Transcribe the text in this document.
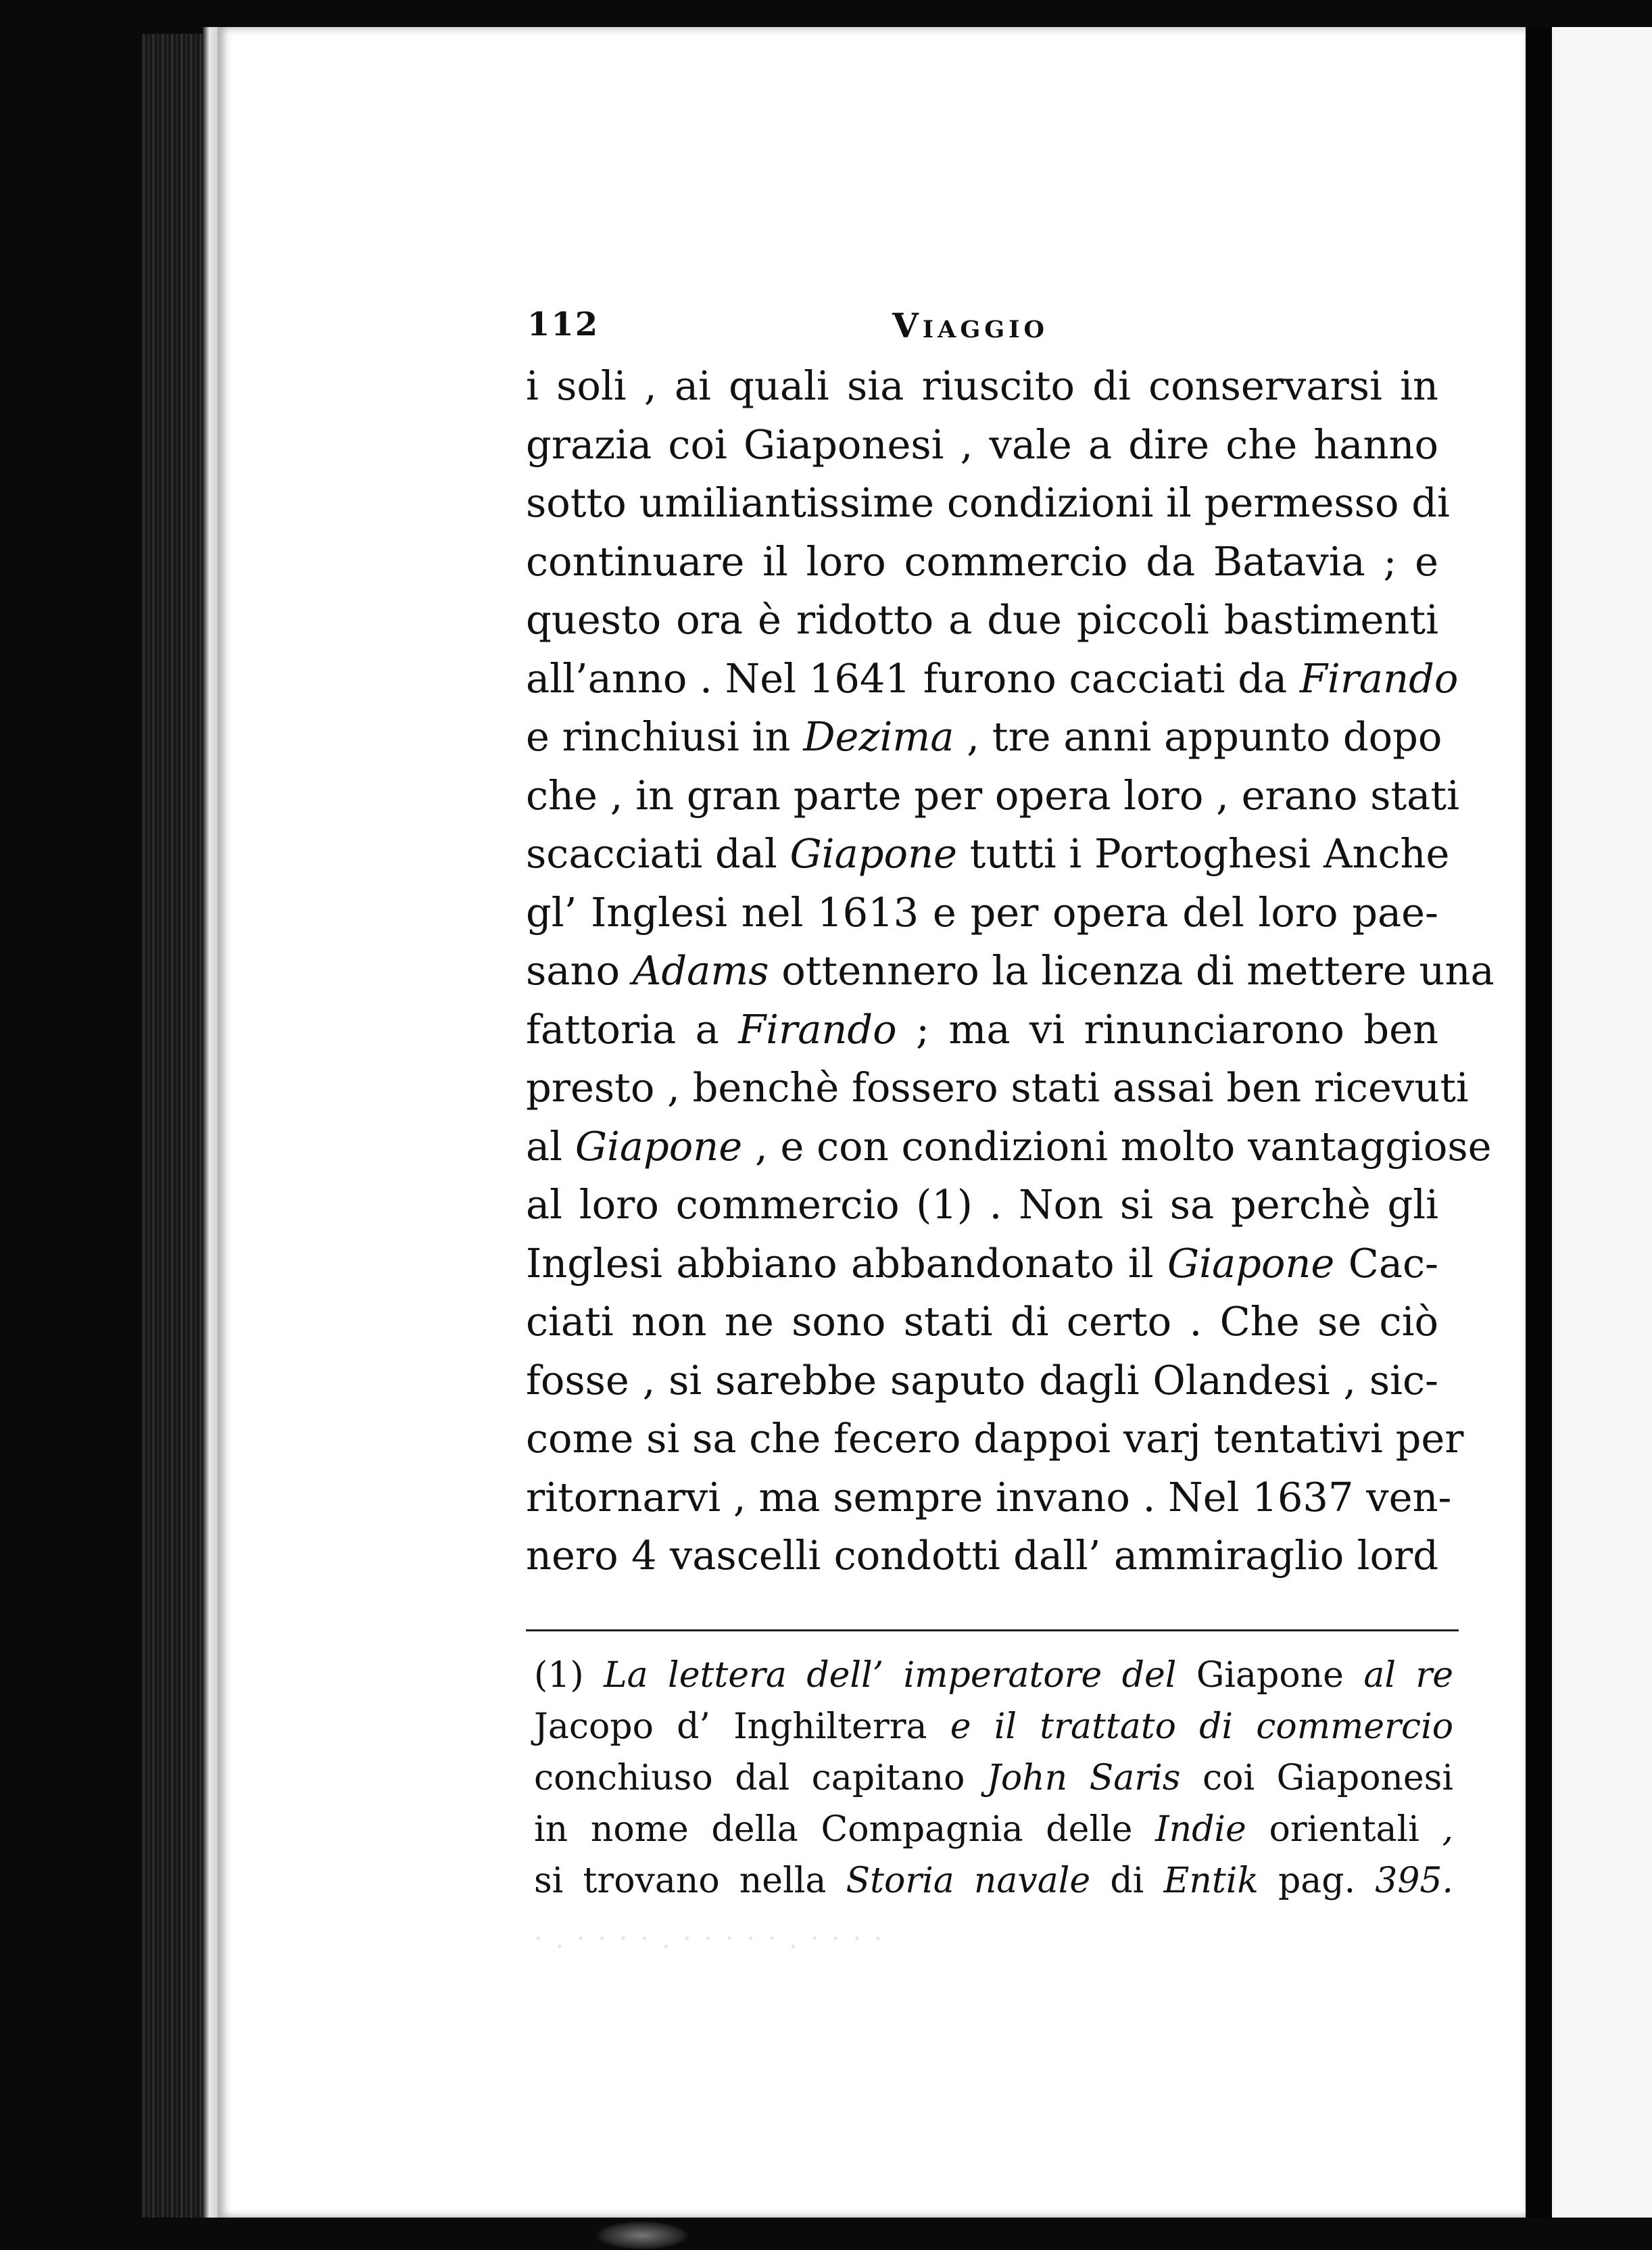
112	Viaggio
i soli , ai quali sia riuscito di conservarsi in
grazia coi Giaponesi , vale a dire che hanno
sotto umiliantissime condizioni il permesso di
continuare il loro commercio da Batavia ; e
questo ora è ridotto a due piccoli bastimenti
all’anno . Nel 1641 furono cacciati da Firando
e rinchiusi in Dezima , tre anni appunto dopo
che , in gran parte per opera loro , erano stati
scacciati dal Giapone tutti i Portoghesi Anche
gl’ Inglesi nel 1613 e per opera del loro pae-
sano Adams ottennero la licenza di mettere una
fattoria a Firando ; ma vi rinunciarono ben
presto , benchè fossero stati assai ben ricevuti
al Giapone , e con condizioni molto vantaggiose
al loro commercio (1) . Non si sa perchè gli
Inglesi abbiano abbandonato il Giapone Cac-
ciati non ne sono stati di certo . Che se ciò
fosse , si sarebbe saputo dagli Olandesi , sic-
come si sa che fecero dappoi varj tentativi per
ritornarvi , ma sempre invano . Nel 1637 ven-
nero 4 vascelli condotti dall’ ammiraglio lord
(1) La lettera dell’ imperatore del Giapone al re
Jacopo d’ Inghilterra e il trattato di commercio
conchiuso dal capitano John Saris coi Giaponesi
in nome della Compagnia delle Indie orientali ,
si trovano nella Storia navale di Entik pag. 395.
· . · · · · . · · · · · . · · · ·
